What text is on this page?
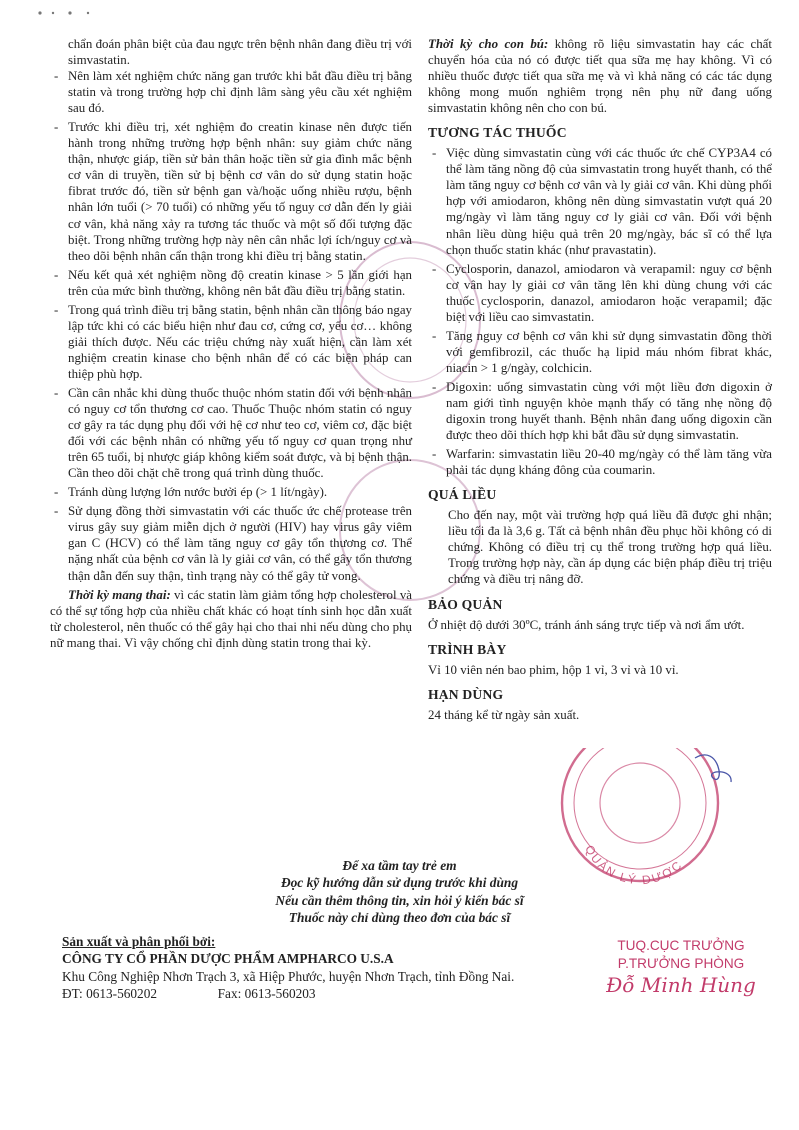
chẩn đoán phân biệt của đau ngực trên bệnh nhân đang điều trị với simvastatin.

- Nên làm xét nghiệm chức năng gan trước khi bắt đầu điều trị bằng statin và trong trường hợp chỉ định lâm sàng yêu cầu xét nghiệm sau đó.
- Trước khi điều trị, xét nghiệm đo creatin kinase nên được tiến hành trong những trường hợp bệnh nhân: suy giảm chức năng thận, nhược giáp, tiền sử bản thân hoặc tiền sử gia đình mắc bệnh cơ vân di truyền, tiền sử bị bệnh cơ vân do sử dụng statin hoặc fibrat trước đó, tiền sử bệnh gan và/hoặc uống nhiều rượu, bệnh nhân lớn tuổi (> 70 tuổi) có những yếu tố nguy cơ dẫn đến ly giải cơ vân, khả năng xảy ra tương tác thuốc và một số đối tượng đặc biệt. Trong những trường hợp này nên cân nhắc lợi ích/nguy cơ và theo dõi bệnh nhân cẩn thận trong khi điều trị bằng statin.
- Nếu kết quả xét nghiệm nồng độ creatin kinase > 5 lần giới hạn trên của mức bình thường, không nên bắt đầu điều trị bằng statin.
- Trong quá trình điều trị bằng statin, bệnh nhân cần thông báo ngay lập tức khi có các biểu hiện như đau cơ, cứng cơ, yếu cơ… không giải thích được. Nếu các triệu chứng này xuất hiện, cần làm xét nghiệm creatin kinase cho bệnh nhân để có các biện pháp can thiệp phù hợp.
- Cần cân nhắc khi dùng thuốc thuộc nhóm statin đối với bệnh nhân có nguy cơ tổn thương cơ cao. Thuốc Thuộc nhóm statin có nguy cơ gây ra tác dụng phụ đối với hệ cơ như teo cơ, viêm cơ, đặc biệt đối với các bệnh nhân có những yếu tố nguy cơ quan trọng như trên 65 tuổi, bị nhược giáp không kiểm soát được, và bị bệnh thận. Cần theo dõi chặt chẽ trong quá trình dùng thuốc.
- Tránh dùng lượng lớn nước bưởi ép (> 1 lít/ngày).
- Sử dụng đồng thời simvastatin với các thuốc ức chế protease trên virus gây suy giảm miễn dịch ở người (HIV) hay virus gây viêm gan C (HCV) có thể làm tăng nguy cơ gây tổn thương cơ. Thể nặng nhất của bệnh cơ vân là ly giải cơ vân, có thể gây tổn thương thận dẫn đến suy thận, tình trạng này có thể gây tử vong.

Thời kỳ mang thai: vì các statin làm giảm tổng hợp cholesterol và có thể sự tổng hợp của nhiều chất khác có hoạt tính sinh học dẫn xuất từ cholesterol, nên thuốc có thể gây hại cho thai nhi nếu dùng cho phụ nữ mang thai. Vì vậy chống chỉ định dùng statin trong thai kỳ.

Thời kỳ cho con bú: không rõ liệu simvastatin hay các chất chuyển hóa của nó có được tiết qua sữa mẹ hay không. Vì có nhiều thuốc được tiết qua sữa mẹ và vì khả năng có các tác dụng không mong muốn nghiêm trọng nên phụ nữ đang uống simvastatin không nên cho con bú.

TƯƠNG TÁC THUỐC
- Việc dùng simvastatin cùng với các thuốc ức chế CYP3A4 có thể làm tăng nồng độ của simvastatin trong huyết thanh, có thể làm tăng nguy cơ bệnh cơ vân và ly giải cơ vân. Khi dùng phối hợp với amiodaron, không nên dùng simvastatin vượt quá 20 mg/ngày vì làm tăng nguy cơ ly giải cơ vân. Đối với bệnh nhân liều dùng hiệu quả trên 20 mg/ngày, bác sĩ có thể lựa chọn thuốc statin khác (như pravastatin).
- Cyclosporin, danazol, amiodaron và verapamil: nguy cơ bệnh cơ vân hay ly giải cơ vân tăng lên khi dùng chung với các thuốc cyclosporin, danazol, amiodaron hoặc verapamil; đặc biệt với liều cao simvastatin.
- Tăng nguy cơ bệnh cơ vân khi sử dụng simvastatin đồng thời với gemfibrozil, các thuốc hạ lipid máu nhóm fibrat khác, niacin > 1 g/ngày, colchicin.
- Digoxin: uống simvastatin cùng với một liều đơn digoxin ở nam giới tình nguyện khỏe mạnh thấy có tăng nhẹ nồng độ digoxin trong huyết thanh. Bệnh nhân đang uống digoxin cần được theo dõi thích hợp khi bắt đầu sử dụng simvastatin.
- Warfarin: simvastatin liều 20-40 mg/ngày có thể làm tăng vừa phải tác dụng kháng đông của coumarin.
QUÁ LIỀU

Cho đến nay, một vài trường hợp quá liều đã được ghi nhận; liều tối đa là 3,6 g. Tất cả bệnh nhân đều phục hồi không có di chứng. Không có điều trị cụ thể trong trường hợp quá liều. Trong trường hợp này, cần áp dụng các biện pháp điều trị triệu chứng và điều trị nâng đỡ.

BẢO QUẢN

Ở nhiệt độ dưới 30ºC, tránh ánh sáng trực tiếp và nơi ẩm ướt.

TRÌNH BÀY

Vỉ 10 viên nén bao phim, hộp 1 vỉ, 3 vỉ và 10 vỉ.

HẠN DÙNG

24 tháng kể từ ngày sản xuất.

QUẢN LÝ DƯỢC
Để xa tầm tay trẻ em
Đọc kỹ hướng dẫn sử dụng trước khi dùng
Nếu cần thêm thông tin, xin hỏi ý kiến bác sĩ
Thuốc này chỉ dùng theo đơn của bác sĩ
Sản xuất và phân phối bởi:
CÔNG TY CỔ PHẦN DƯỢC PHẨM AMPHARCO U.S.A
Khu Công Nghiệp Nhơn Trạch 3, xã Hiệp Phước, huyện Nhơn Trạch, tỉnh Đồng Nai.
ĐT: 0613-560202	Fax: 0613-560203
TUQ.CỤC TRƯỞNG
P.TRƯỞNG PHÒNG
Đỗ Minh Hùng
